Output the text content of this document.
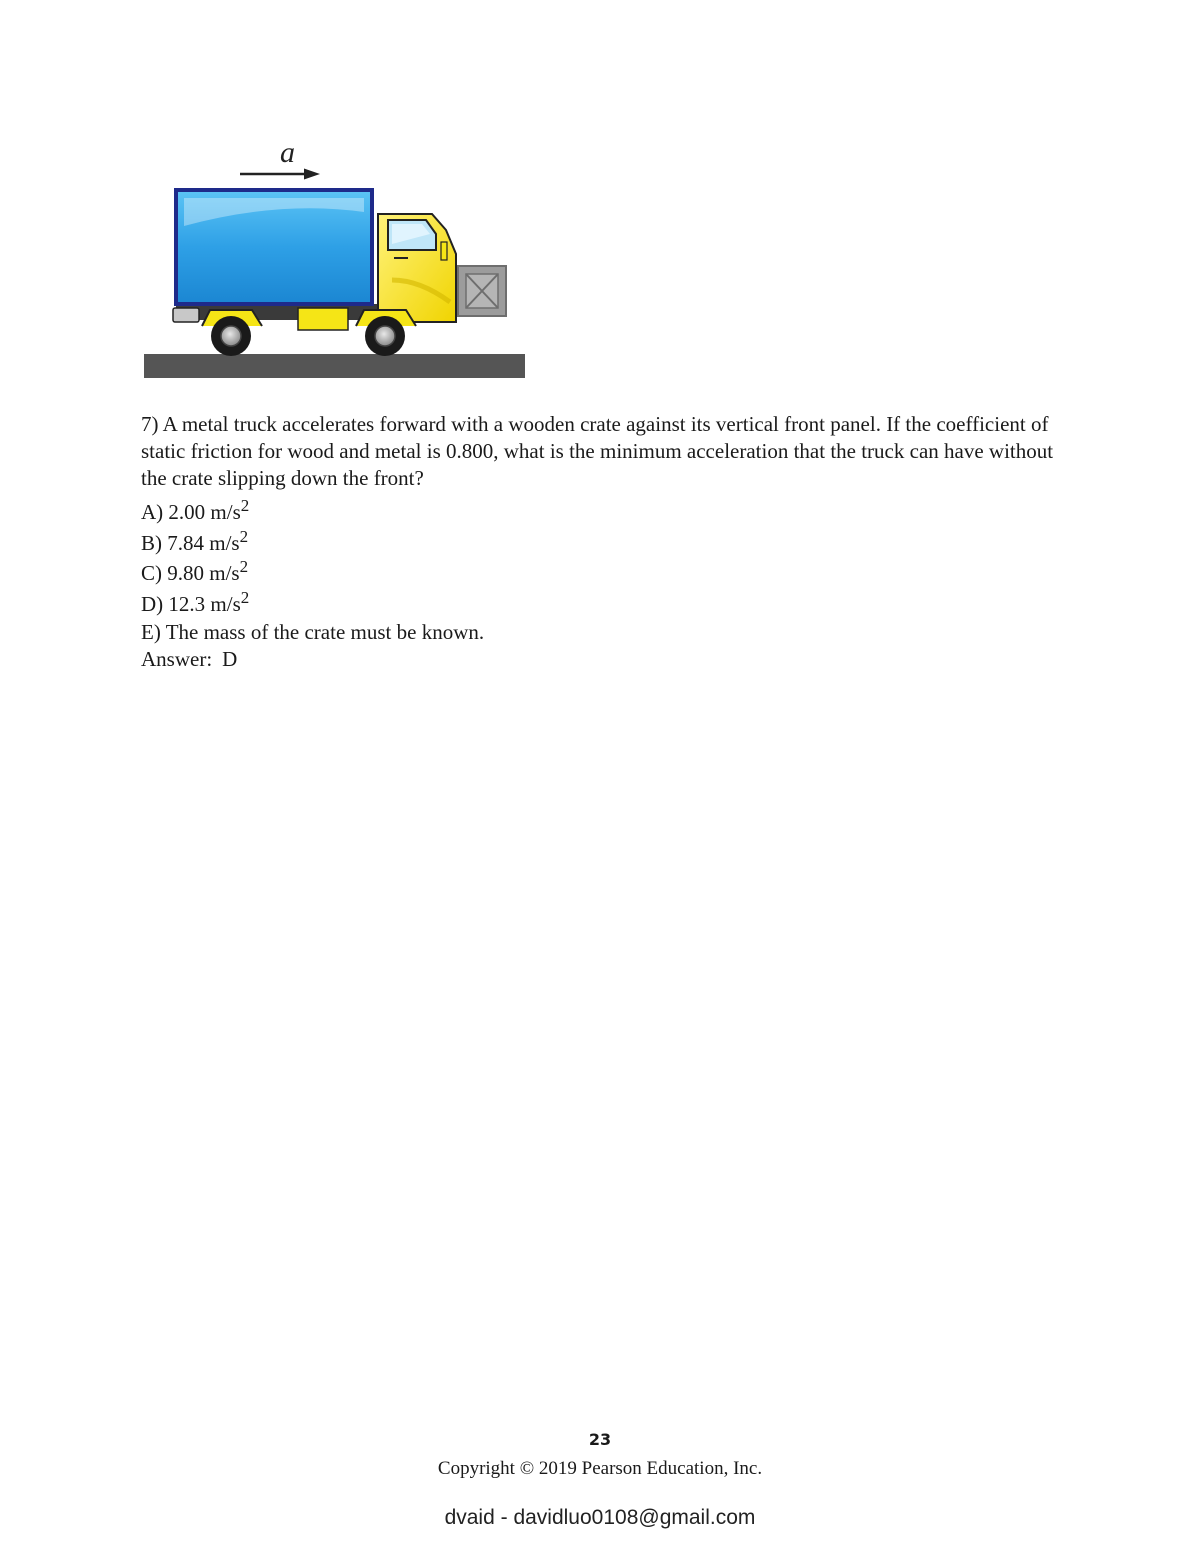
a

7) A metal truck accelerates forward with a wooden crate against its vertical front panel. If the coefficient of static friction for wood and metal is 0.800, what is the minimum acceleration that the truck can have without the crate slipping down the front?

A) 2.00 $m/s^2$
B) 7.84 $m/s^2$
C) 9.80 $m/s^2$
D) 12.3 $m/s^2$
E) The mass of the crate must be known.
Answer: D
23
Copyright © 2019 Pearson Education, Inc.
dvaid - davidluo0108@gmail.com
